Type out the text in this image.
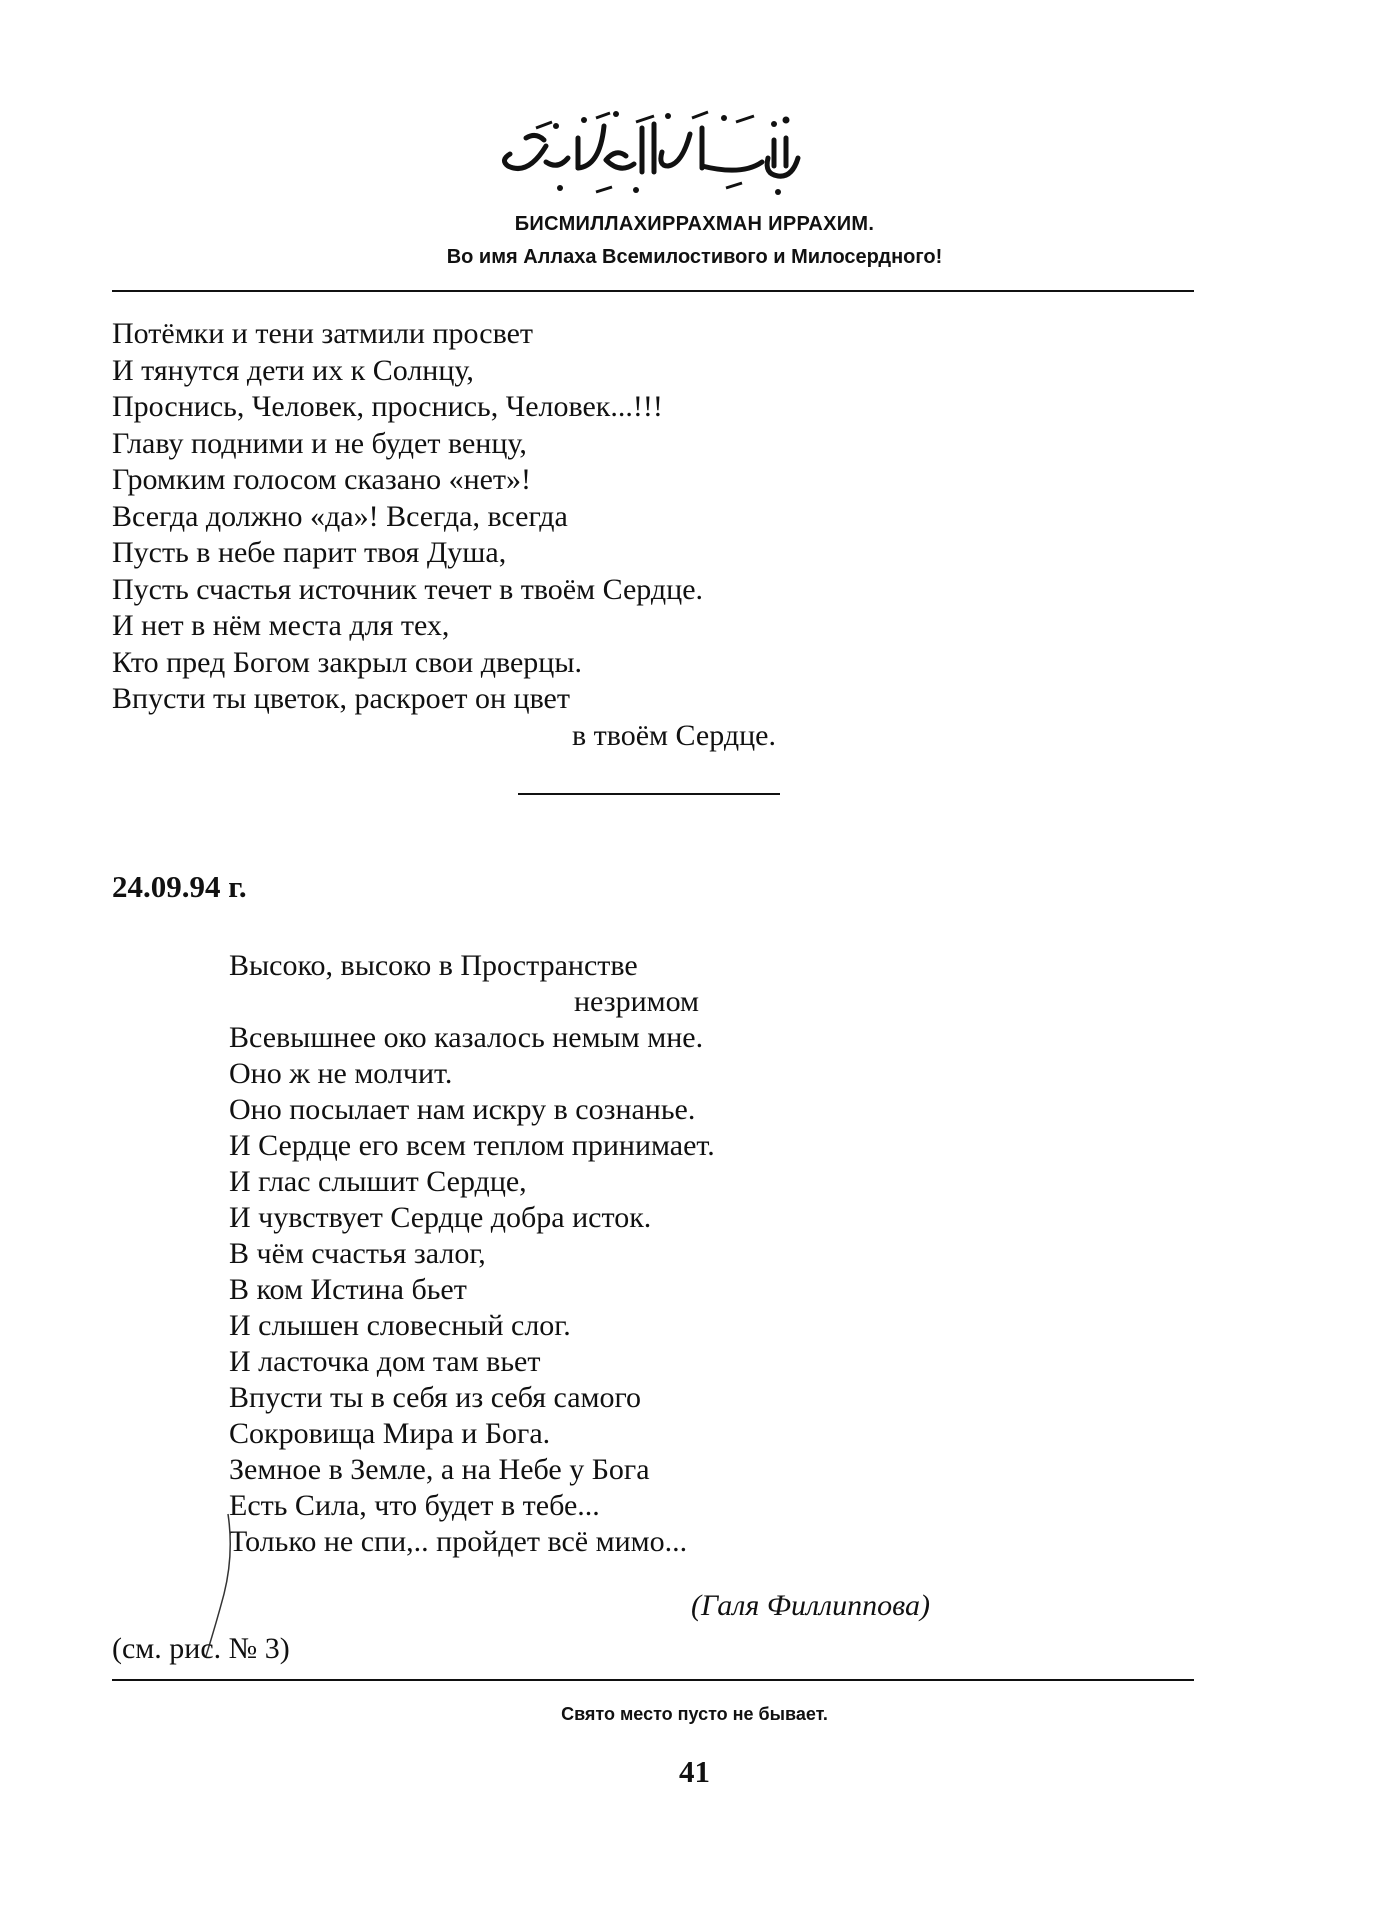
БИСМИЛЛАХИРРАХМАН ИРРАХИМ.
Во имя Аллаха Всемилостивого и Милосердного!
Потёмки и тени затмили просвет
И тянутся дети их к Солнцу,
Проснись, Человек, проснись, Человек...!!!
Главу подними и не будет венцу,
Громким голосом сказано «нет»!
Всегда должно «да»! Всегда, всегда
Пусть в небе парит твоя Душа,
Пусть счастья источник течет в твоём Сердце.
И нет в нём места для тех,
Кто пред Богом закрыл свои дверцы.
Впусти ты цветок, раскроет он цвет
в твоём Сердце.
24.09.94 г.
Высоко, высоко в Пространстве
незримом
Всевышнее око казалось немым мне.
Оно ж не молчит.
Оно посылает нам искру в сознанье.
И Сердце его всем теплом принимает.
И глас слышит Сердце,
И чувствует Сердце добра исток.
В чём счастья залог,
В ком Истина бьет
И слышен словесный слог.
И ласточка дом там вьет
Впусти ты в себя из себя самого
Сокровища Мира и Бога.
Земное в Земле, а на Небе у Бога
Есть Сила, что будет в тебе...
Только не спи,.. пройдет всё мимо...
(Галя Филлиппова)
(см. рис. № 3)
Свято место пусто не бывает.
41
